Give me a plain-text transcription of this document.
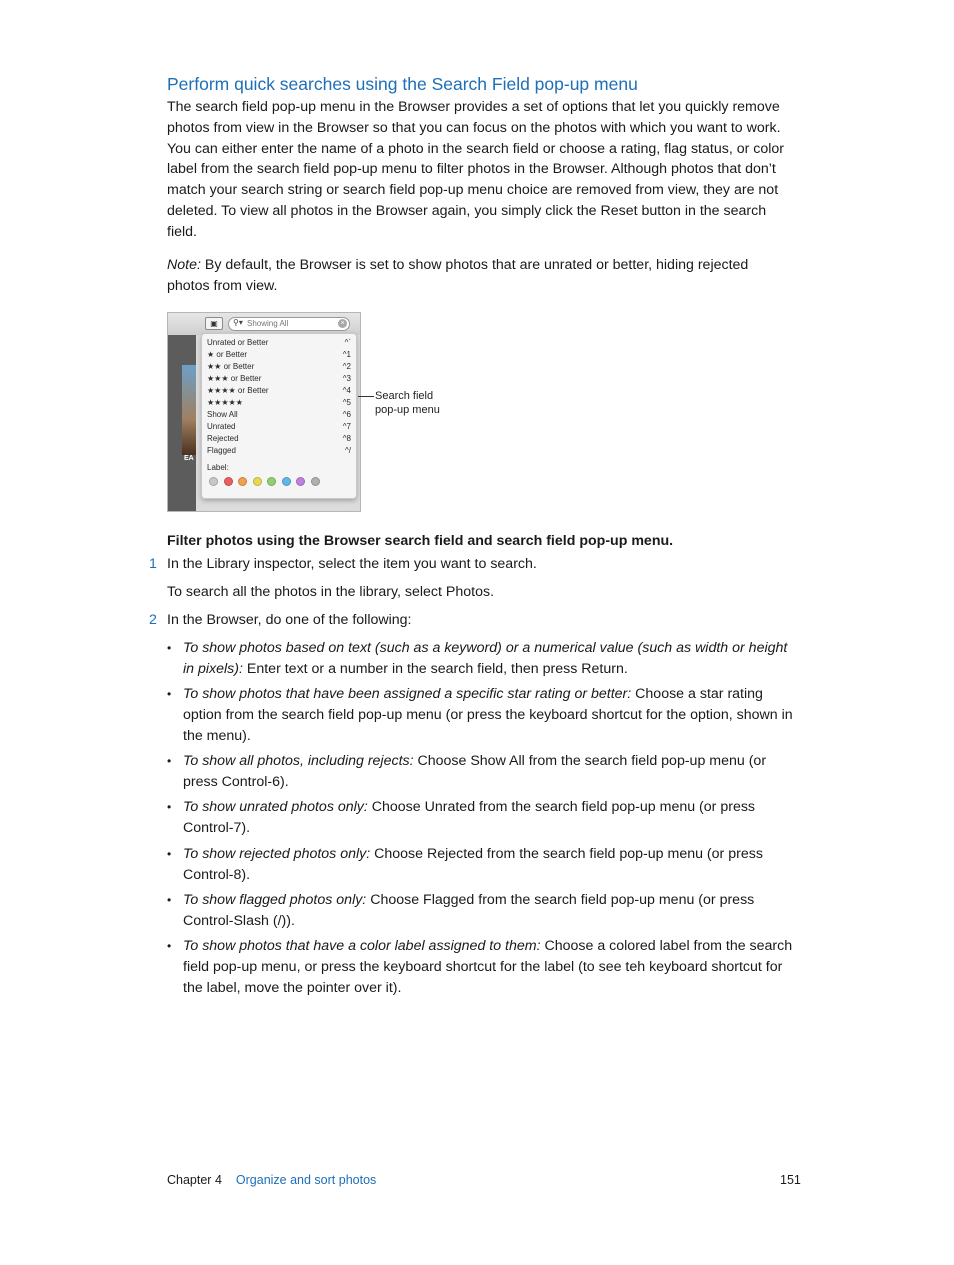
Perform quick searches using the Search Field pop-up menu

The search field pop-up menu in the Browser provides a set of options that let you quickly remove photos from view in the Browser so that you can focus on the photos with which you want to work. You can either enter the name of a photo in the search field or choose a rating, flag status, or color label from the search field pop-up menu to filter photos in the Browser. Although photos that don’t match your search string or search field pop-up menu choice are removed from view, they are not deleted. To view all photos in the Browser again, you simply click the Reset button in the search field.

Note: By default, the Browser is set to show photos that are unrated or better, hiding rejected photos from view.

▣	⚲▾ Showing All	×
EA
Unrated or Better	^`
★ or Better	^1
★★ or Better	^2
★★★ or Better	^3
★★★★ or Better	^4
★★★★★	^5
Show All	^6
Unrated	^7
Rejected	^8
Flagged	^/
Label:
Search field
pop-up menu

Filter photos using the Browser search field and search field pop-up menu.

1 In the Library inspector, select the item you want to search.
To search all the photos in the library, select Photos.
2 In the Browser, do one of the following:
• To show photos based on text (such as a keyword) or a numerical value (such as width or height in pixels): Enter text or a number in the search field, then press Return.
• To show photos that have been assigned a specific star rating or better: Choose a star rating option from the search field pop-up menu (or press the keyboard shortcut for the option, shown in the menu).
• To show all photos, including rejects: Choose Show All from the search field pop-up menu (or press Control-6).
• To show unrated photos only: Choose Unrated from the search field pop-up menu (or press Control-7).
• To show rejected photos only: Choose Rejected from the search field pop-up menu (or press Control-8).
• To show flagged photos only: Choose Flagged from the search field pop-up menu (or press Control-Slash (/)).
• To show photos that have a color label assigned to them: Choose a colored label from the search field pop-up menu, or press the keyboard shortcut for the label (to see teh keyboard shortcut for the label, move the pointer over it).
Chapter 4 Organize and sort photos	151
